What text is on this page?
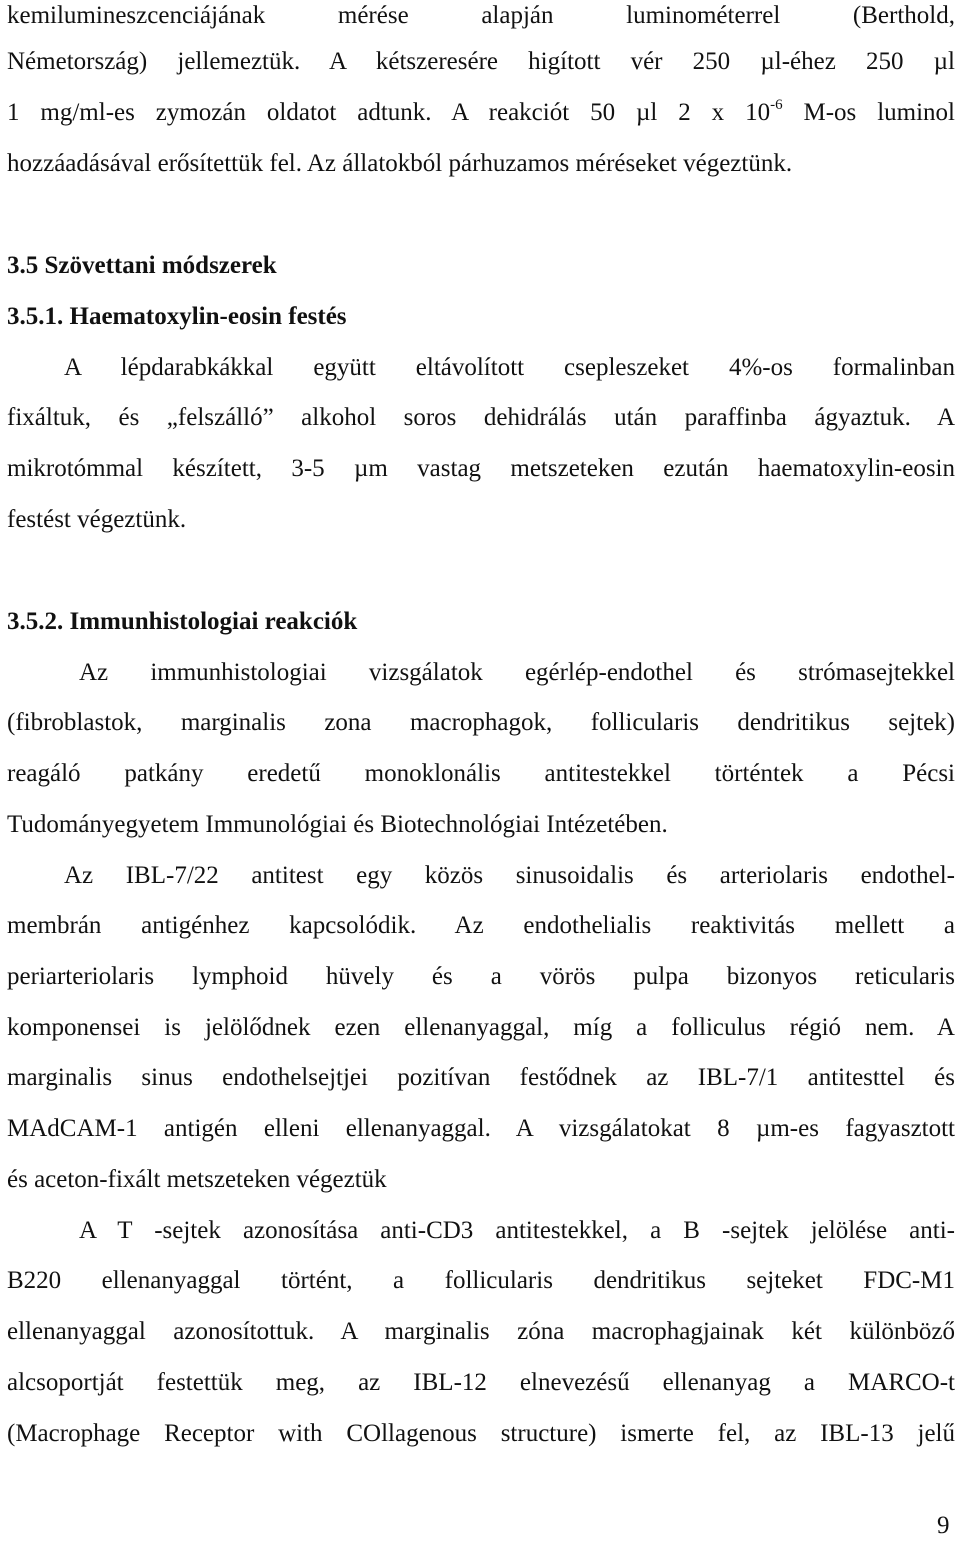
kemilumineszcenciájának mérése alapján luminométerrel (Berthold,
Németország) jellemeztük. A kétszeresére higított vér 250 µl-éhez 250 µl
1 mg/ml-es zymozán oldatot adtunk. A reakciót 50 µl 2 x $10^{-6}$ M-os luminol
hozzáadásával erősítettük fel. Az állatokból párhuzamos méréseket végeztünk.
3.5 Szövettani módszerek
3.5.1. Haematoxylin-eosin festés
A lépdarabkákkal együtt eltávolított csepleszeket 4%-os formalinban
fixáltuk, és „felszálló” alkohol soros dehidrálás után paraffinba ágyaztuk. A
mikrotómmal készített, 3-5 µm vastag metszeteken ezután haematoxylin-eosin
festést végeztünk.
3.5.2. Immunhistologiai reakciók
Az immunhistologiai vizsgálatok egérlép-endothel és strómasejtekkel
(fibroblastok, marginalis zona macrophagok, follicularis dendritikus sejtek)
reagáló patkány eredetű monoklonális antitestekkel történtek a Pécsi
Tudományegyetem Immunológiai és Biotechnológiai Intézetében.
Az IBL-7/22 antitest egy közös sinusoidalis és arteriolaris endothel-
membrán antigénhez kapcsolódik. Az endothelialis reaktivitás mellett a
periarteriolaris lymphoid hüvely és a vörös pulpa bizonyos reticularis
komponensei is jelölődnek ezen ellenanyaggal, míg a folliculus régió nem. A
marginalis sinus endothelsejtjei pozitívan festődnek az IBL-7/1 antitesttel és
MAdCAM-1 antigén elleni ellenanyaggal. A vizsgálatokat 8 µm-es fagyasztott
és aceton-fixált metszeteken végeztük
A T -sejtek azonosítása anti-CD3 antitestekkel, a B -sejtek jelölése anti-
B220 ellenanyaggal történt, a follicularis dendritikus sejteket FDC-M1
ellenanyaggal azonosítottuk. A marginalis zóna macrophagjainak két különböző
alcsoportját festettük meg, az IBL-12 elnevezésű ellenanyag a MARCO-t
(Macrophage Receptor with COllagenous structure) ismerte fel, az IBL-13 jelű
9
